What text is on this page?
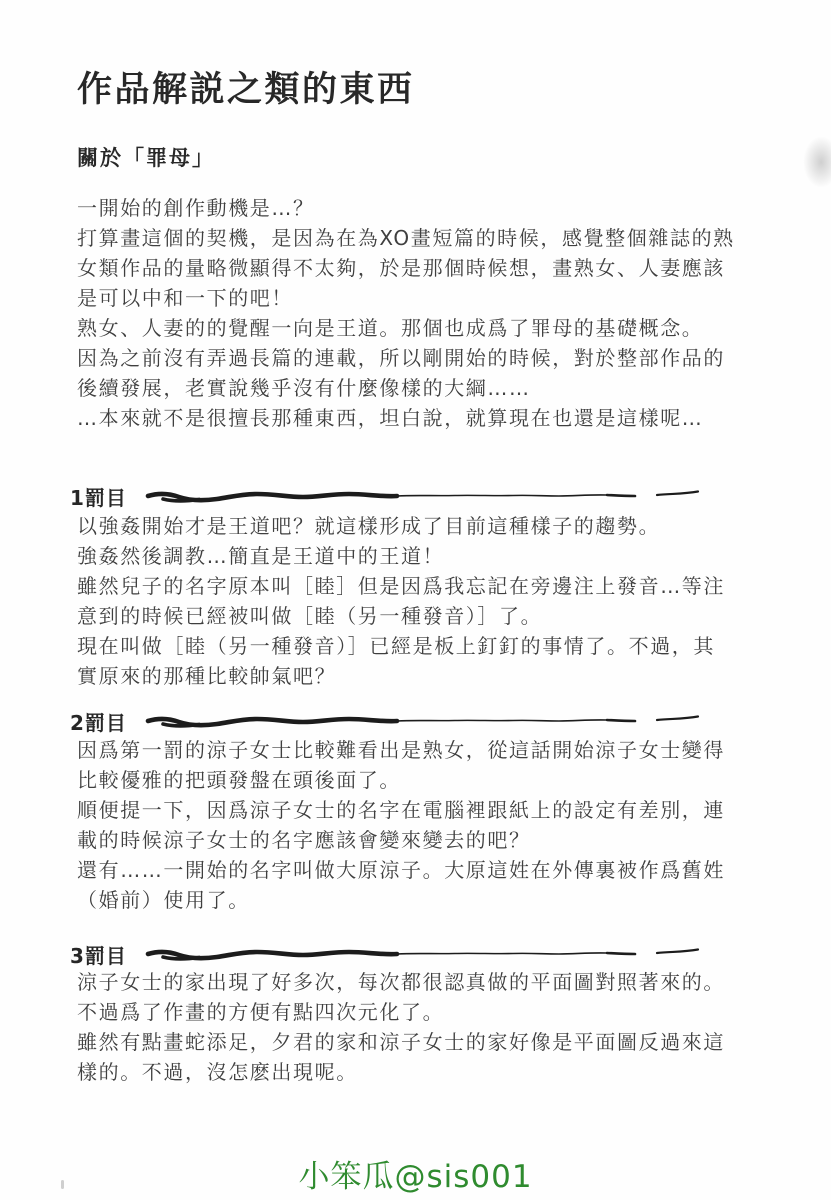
作品解説之類的東西
關於「罪母」
一開始的創作動機是…？
打算畫這個的契機，是因為在為XO畫短篇的時候，感覺整個雜誌的熟
女類作品的量略微顯得不太夠，於是那個時候想，畫熟女、人妻應該
是可以中和一下的吧！
熟女、人妻的的覺醒一向是王道。那個也成爲了罪母的基礎概念。
因為之前沒有弄過長篇的連載，所以剛開始的時候，對於整部作品的
後續發展，老實說幾乎沒有什麼像樣的大綱……
…本來就不是很擅長那種東西，坦白說，就算現在也還是這樣呢…
1罰目
以強姦開始才是王道吧？就這樣形成了目前這種樣子的趨勢。
強姦然後調教…簡直是王道中的王道！
雖然兒子的名字原本叫［睦］但是因爲我忘記在旁邊注上發音…等注
意到的時候已經被叫做［睦（另一種發音）］了。
現在叫做［睦（另一種發音）］已經是板上釘釘的事情了。不過，其
實原來的那種比較帥氣吧？
2罰目
因爲第一罰的涼子女士比較難看出是熟女，從這話開始涼子女士變得
比較優雅的把頭發盤在頭後面了。
順便提一下，因爲涼子女士的名字在電腦裡跟紙上的設定有差別，連
載的時候涼子女士的名字應該會變來變去的吧？
還有……一開始的名字叫做大原涼子。大原這姓在外傳裏被作爲舊姓
（婚前）使用了。
3罰目
涼子女士的家出現了好多次，每次都很認真做的平面圖對照著來的。
不過爲了作畫的方便有點四次元化了。
雖然有點畫蛇添足，夕君的家和涼子女士的家好像是平面圖反過來這
樣的。不過，沒怎麽出現呢。
小笨瓜@sis001
